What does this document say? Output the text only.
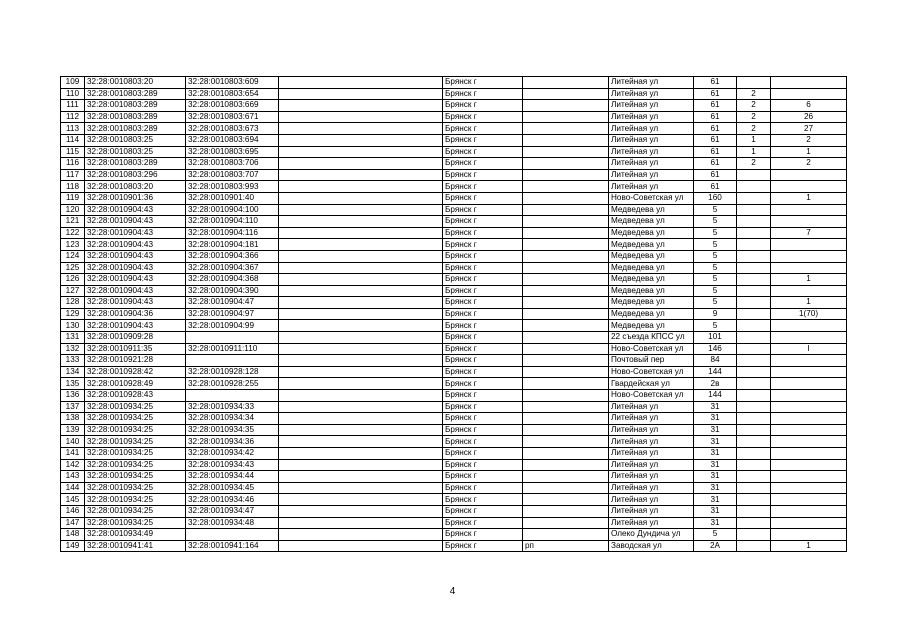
109	32:28:0010803:20	32:28:0010803:609		Брянск г		Литейная ул	61		
110	32:28:0010803:289	32:28:0010803:654		Брянск г		Литейная ул	61	2	
111	32:28:0010803:289	32:28:0010803:669		Брянск г		Литейная ул	61	2	6
112	32:28:0010803:289	32:28:0010803:671		Брянск г		Литейная ул	61	2	26
113	32:28:0010803:289	32:28:0010803:673		Брянск г		Литейная ул	61	2	27
114	32:28:0010803:25	32:28:0010803:694		Брянск г		Литейная ул	61	1	2
115	32:28:0010803:25	32:28:0010803:695		Брянск г		Литейная ул	61	1	1
116	32:28:0010803:289	32:28:0010803:706		Брянск г		Литейная ул	61	2	2
117	32:28:0010803:296	32:28:0010803:707		Брянск г		Литейная ул	61		
118	32:28:0010803:20	32:28:0010803:993		Брянск г		Литейная ул	61		
119	32:28:0010901:36	32:28:0010901:40		Брянск г		Ново-Советская ул	160		1
120	32:28:0010904:43	32:28:0010904:100		Брянск г		Медведева ул	5		
121	32:28:0010904:43	32:28:0010904:110		Брянск г		Медведева ул	5		
122	32:28:0010904:43	32:28:0010904:116		Брянск г		Медведева ул	5		7
123	32:28:0010904:43	32:28:0010904:181		Брянск г		Медведева ул	5		
124	32:28:0010904:43	32:28:0010904:366		Брянск г		Медведева ул	5		
125	32:28:0010904:43	32:28:0010904:367		Брянск г		Медведева ул	5		
126	32:28:0010904:43	32:28:0010904:368		Брянск г		Медведева ул	5		1
127	32:28:0010904:43	32:28:0010904:390		Брянск г		Медведева ул	5		
128	32:28:0010904:43	32:28:0010904:47		Брянск г		Медведева ул	5		1
129	32:28:0010904:36	32:28:0010904:97		Брянск г		Медведева ул	9		1(70)
130	32:28:0010904:43	32:28:0010904:99		Брянск г		Медведева ул	5		
131	32:28:0010909:28			Брянск г		22 съезда КПСС ул	101		
132	32:28:0010911:35	32:28:0010911:110		Брянск г		Ново-Советская ул	146		I
133	32:28:0010921:28			Брянск г		Почтовый пер	84		
134	32:28:0010928:42	32:28:0010928:128		Брянск г		Ново-Советская ул	144		
135	32:28:0010928:49	32:28:0010928:255		Брянск г		Гвардейская ул	2в		
136	32:28:0010928:43			Брянск г		Ново-Советская ул	144		
137	32:28:0010934:25	32:28:0010934:33		Брянск г		Литейная ул	31		
138	32:28:0010934:25	32:28:0010934:34		Брянск г		Литейная ул	31		
139	32:28:0010934:25	32:28:0010934:35		Брянск г		Литейная ул	31		
140	32:28:0010934:25	32:28:0010934:36		Брянск г		Литейная ул	31		
141	32:28:0010934:25	32:28:0010934:42		Брянск г		Литейная ул	31		
142	32:28:0010934:25	32:28:0010934:43		Брянск г		Литейная ул	31		
143	32:28:0010934:25	32:28:0010934:44		Брянск г		Литейная ул	31		
144	32:28:0010934:25	32:28:0010934:45		Брянск г		Литейная ул	31		
145	32:28:0010934:25	32:28:0010934:46		Брянск г		Литейная ул	31		
146	32:28:0010934:25	32:28:0010934:47		Брянск г		Литейная ул	31		
147	32:28:0010934:25	32:28:0010934:48		Брянск г		Литейная ул	31		
148	32:28:0010934:49			Брянск г		Олеко Дундича ул	5		
149	32:28:0010941:41	32:28:0010941:164		Брянск г	рп	Заводская ул	2А		1
4
